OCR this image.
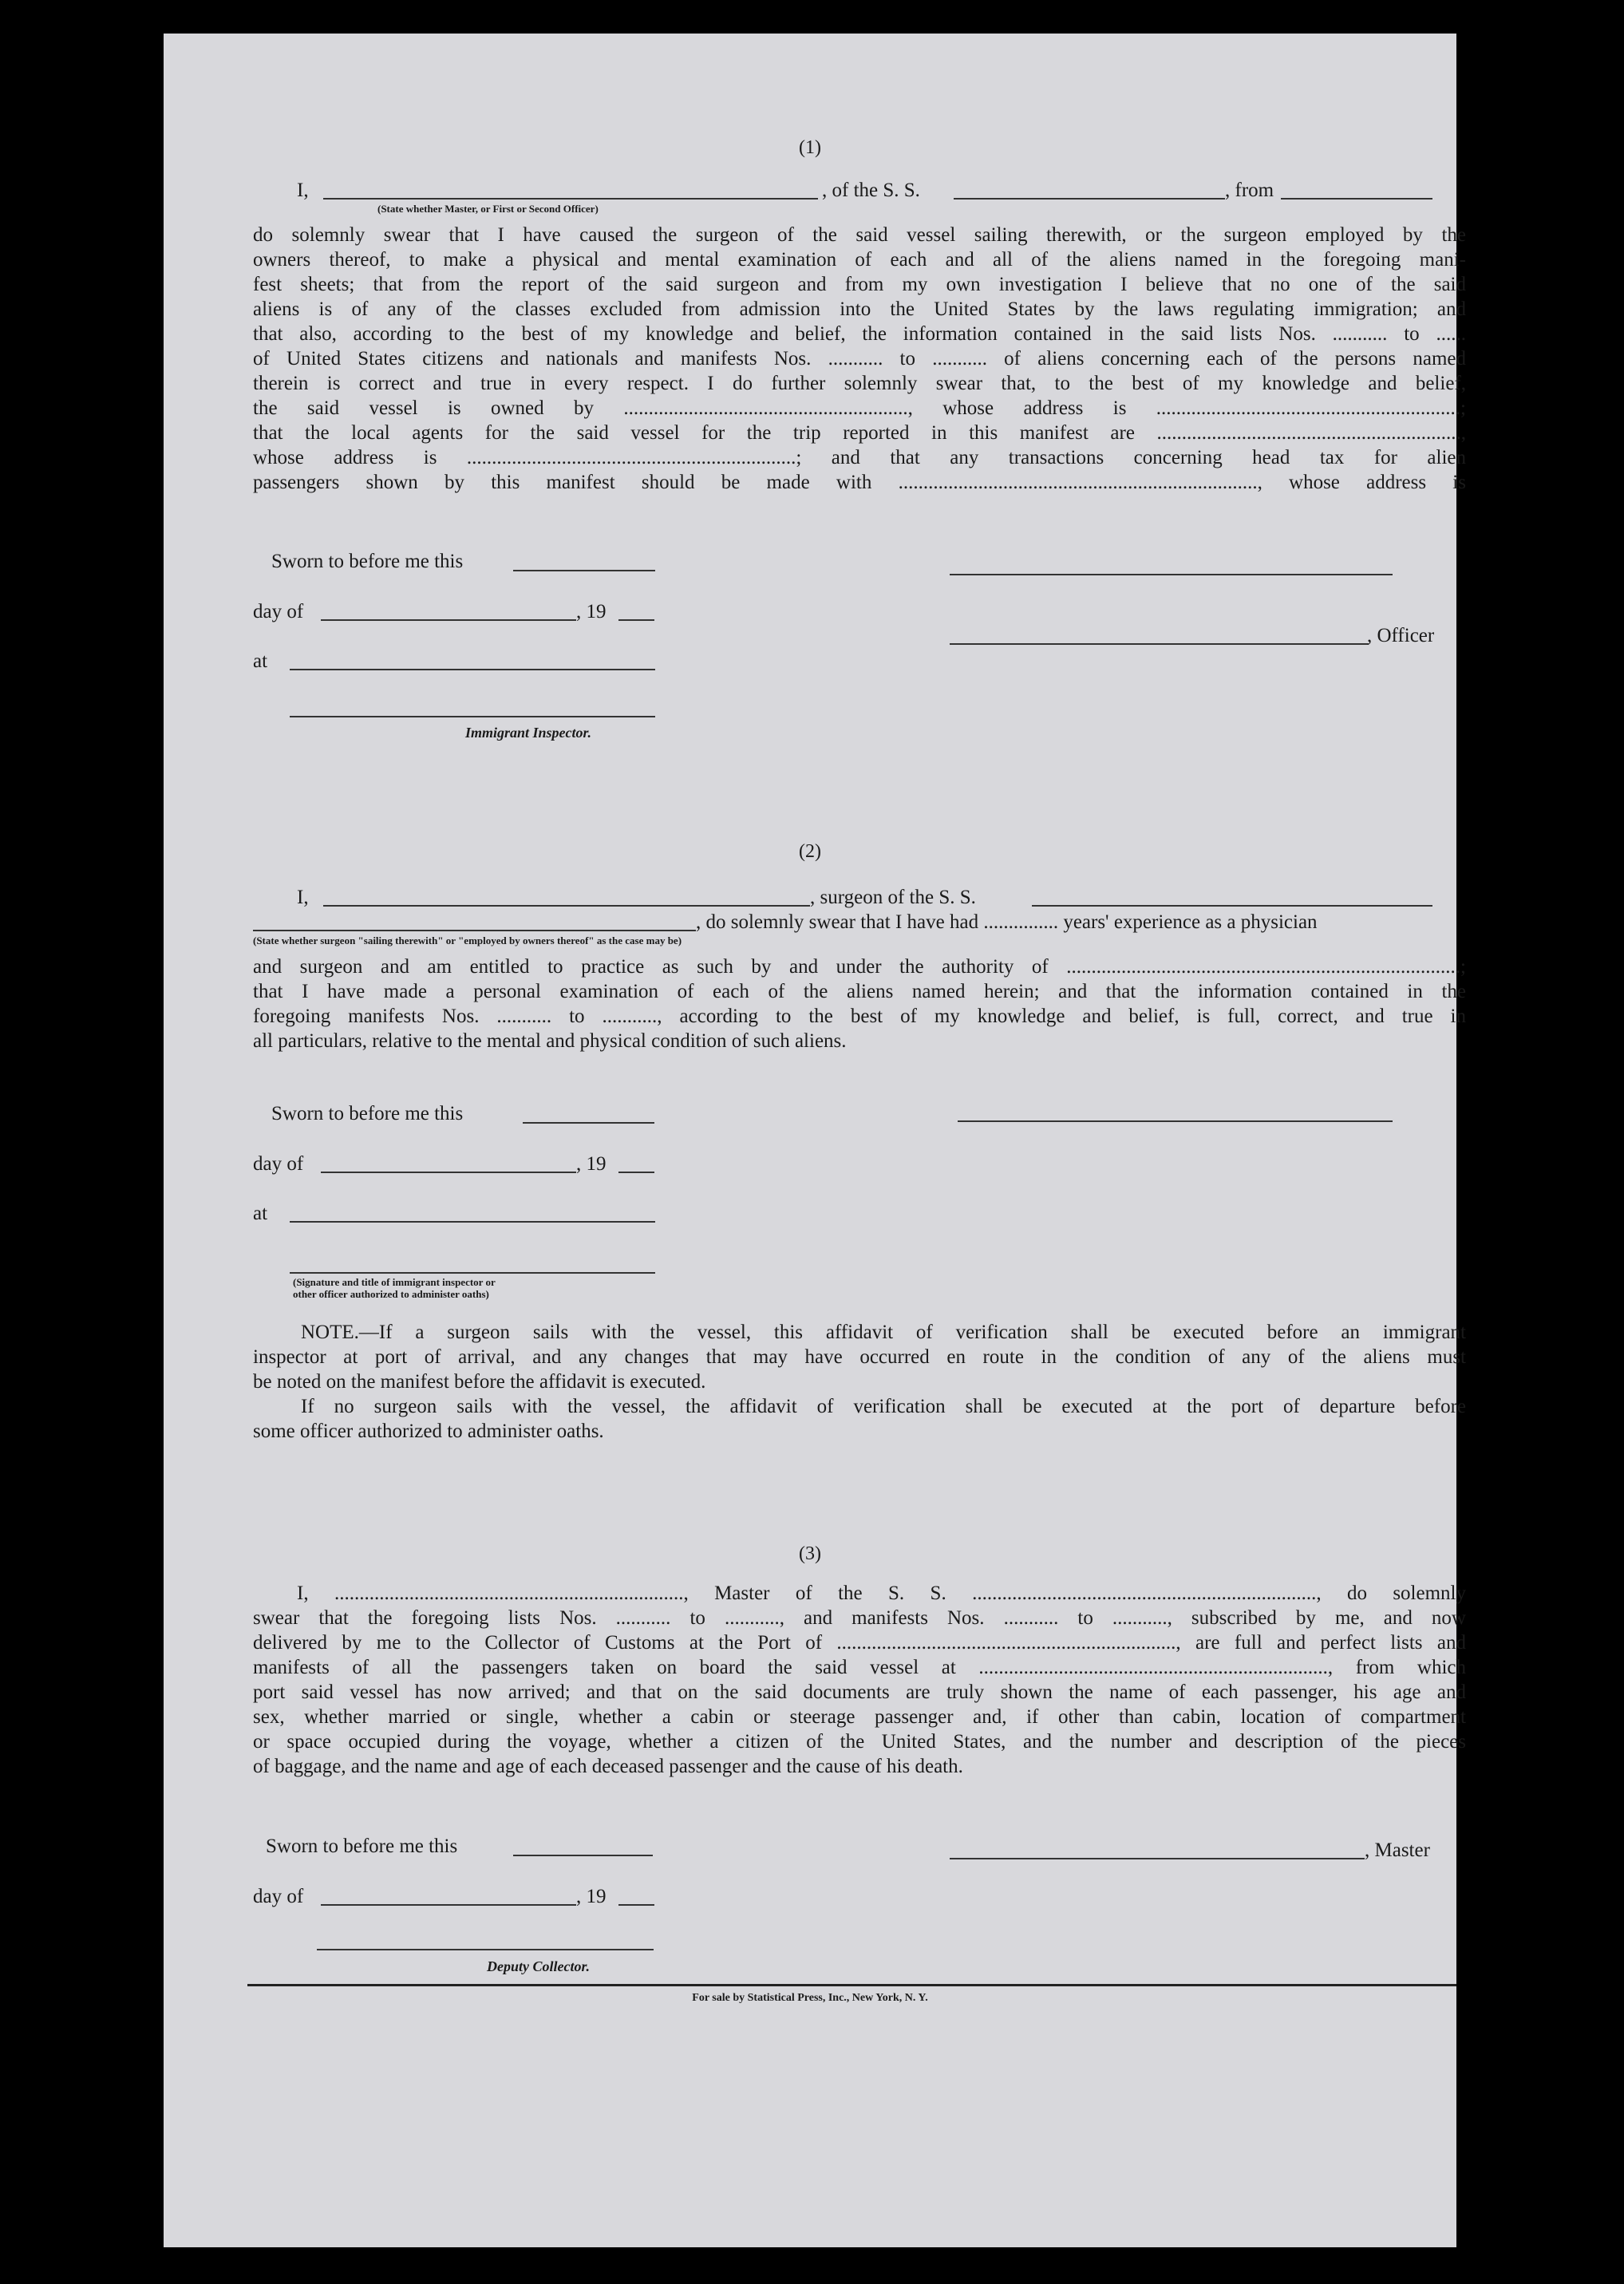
(1)
I,	, of the S. S.	, from
(State whether Master, or First or Second Officer)
do solemnly swear that I have caused the surgeon of the said vessel sailing therewith, or the surgeon employed by the
owners thereof, to make a physical and mental examination of each and all of the aliens named in the foregoing mani-
fest sheets; that from the report of the said surgeon and from my own investigation I believe that no one of the said
aliens is of any of the classes excluded from admission into the United States by the laws regulating immigration; and
that also, according to the best of my knowledge and belief, the information contained in the said lists Nos. ........... to ......
of United States citizens and nationals and manifests Nos. ........... to ........... of aliens concerning each of the persons named
therein is correct and true in every respect. I do further solemnly swear that, to the best of my knowledge and belief,
the said vessel is owned by ........................................................., whose address is .............................................................;
that the local agents for the said vessel for the trip reported in this manifest are .............................................................,
whose address is ..................................................................; and that any transactions concerning head tax for alien
passengers shown by this manifest should be made with ........................................................................, whose address is
Sworn to before me this
day of	, 19
, Officer
at
Immigrant Inspector.
(2)
I,	, surgeon of the S. S.
, do solemnly swear that I have had ............... years' experience as a physician
(State whether surgeon "sailing therewith" or "employed by owners thereof" as the case may be)
and surgeon and am entitled to practice as such by and under the authority of ...............................................................................;
that I have made a personal examination of each of the aliens named herein; and that the information contained in the
foregoing manifests Nos. ........... to ..........., according to the best of my knowledge and belief, is full, correct, and true in
all particulars, relative to the mental and physical condition of such aliens.
Sworn to before me this
day of	, 19
at
(Signature and title of immigrant inspector or
other officer authorized to administer oaths)
NOTE.—If a surgeon sails with the vessel, this affidavit of verification shall be executed before an immigrant
inspector at port of arrival, and any changes that may have occurred en route in the condition of any of the aliens must
be noted on the manifest before the affidavit is executed.
If no surgeon sails with the vessel, the affidavit of verification shall be executed at the port of departure before
some officer authorized to administer oaths.
(3)
I, ......................................................................, Master of the S. S. ....................................................................., do solemnly
swear that the foregoing lists Nos. ........... to ..........., and manifests Nos. ........... to ..........., subscribed by me, and now
delivered by me to the Collector of Customs at the Port of ...................................................................., are full and perfect lists and
manifests of all the passengers taken on board the said vessel at ......................................................................, from which
port said vessel has now arrived; and that on the said documents are truly shown the name of each passenger, his age and
sex, whether married or single, whether a cabin or steerage passenger and, if other than cabin, location of compartment
or space occupied during the voyage, whether a citizen of the United States, and the number and description of the pieces
of baggage, and the name and age of each deceased passenger and the cause of his death.
Sworn to before me this	, Master
day of	, 19
Deputy Collector.
For sale by Statistical Press, Inc., New York, N. Y.
